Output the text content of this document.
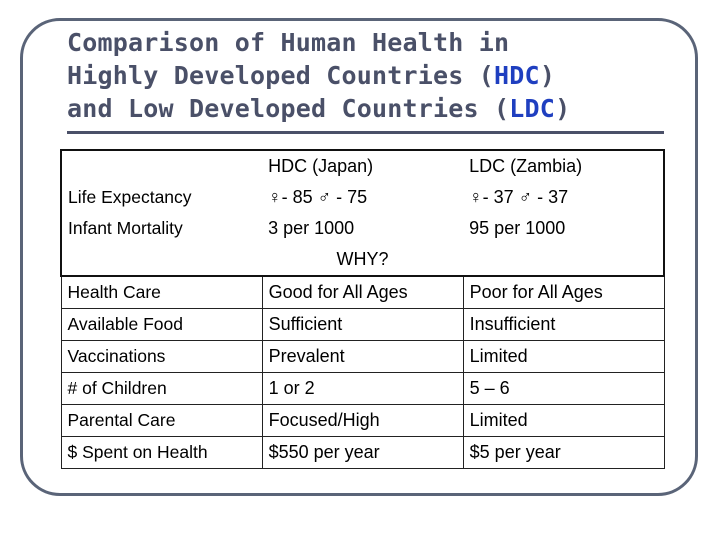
Comparison of Human Health in
Highly Developed Countries (HDC)
and Low Developed Countries (LDC)
	HDC (Japan)	LDC (Zambia)
Life Expectancy	♀- 85 ♂ - 75	♀- 37 ♂ - 37
Infant Mortality	3 per 1000	95 per 1000
WHY?		
Health Care	Good for All Ages	Poor for All Ages
Available Food	Sufficient	Insufficient
Vaccinations	Prevalent	Limited
# of Children	1 or 2	5 – 6
Parental Care	Focused/High	Limited
$ Spent on Health	$550 per year	$5 per year
